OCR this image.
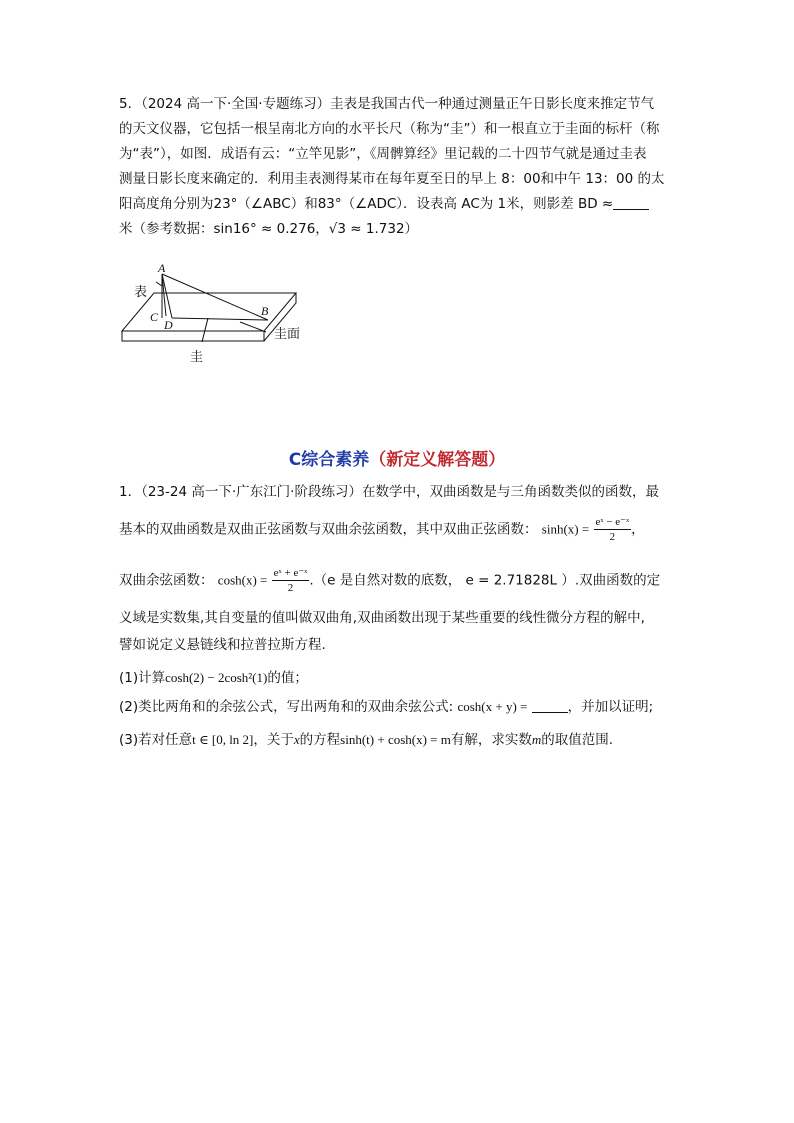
5．（2024 高一下·全国·专题练习）圭表是我国古代一种通过测量正午日影长度来推定节气
的天文仪器，它包括一根呈南北方向的水平长尺（称为“圭”）和一根直立于圭面的标杆（称
为“表”），如图．成语有云：“立竿见影”，《周髀算经》里记载的二十四节气就是通过圭表
测量日影长度来确定的．利用圭表测得某市在每年夏至日的早上 8：00和中午 13：00 的太
阳高度角分别为23°（∠ABC）和83°（∠ADC）．设表高 AC为 1米，则影差 BD ≈
米（参考数据：sin16° ≈ 0.276，√3 ≈ 1.732）
A
B
C
D
表
圭
圭面
C综合素养（新定义解答题）
1．（23-24 高一下·广东江门·阶段练习）在数学中，双曲函数是与三角函数类似的函数，最
基本的双曲函数是双曲正弦函数与双曲余弦函数，其中双曲正弦函数： $\sinh(x) = \frac{\text{eˣ − e⁻ˣ}}{2}$ ，
双曲余弦函数： $\cosh(x) = \frac{\text{eˣ + e⁻ˣ}}{2} .(e$ 是自然对数的底数， e = 2.71828L ）.双曲函数的定
义域是实数集,其自变量的值叫做双曲角,双曲函数出现于某些重要的线性微分方程的解中,
譬如说定义悬链线和拉普拉斯方程.
(1)计算cosh(2) − 2cosh²(1)的值；
(2)类比两角和的余弦公式，写出两角和的双曲余弦公式: cosh(x + y) =	，并加以证明;
(3)若对任意t ∈ [0, ln 2]，关于x的方程sinh(t) + cosh(x) = m有解，求实数m的取值范围.
